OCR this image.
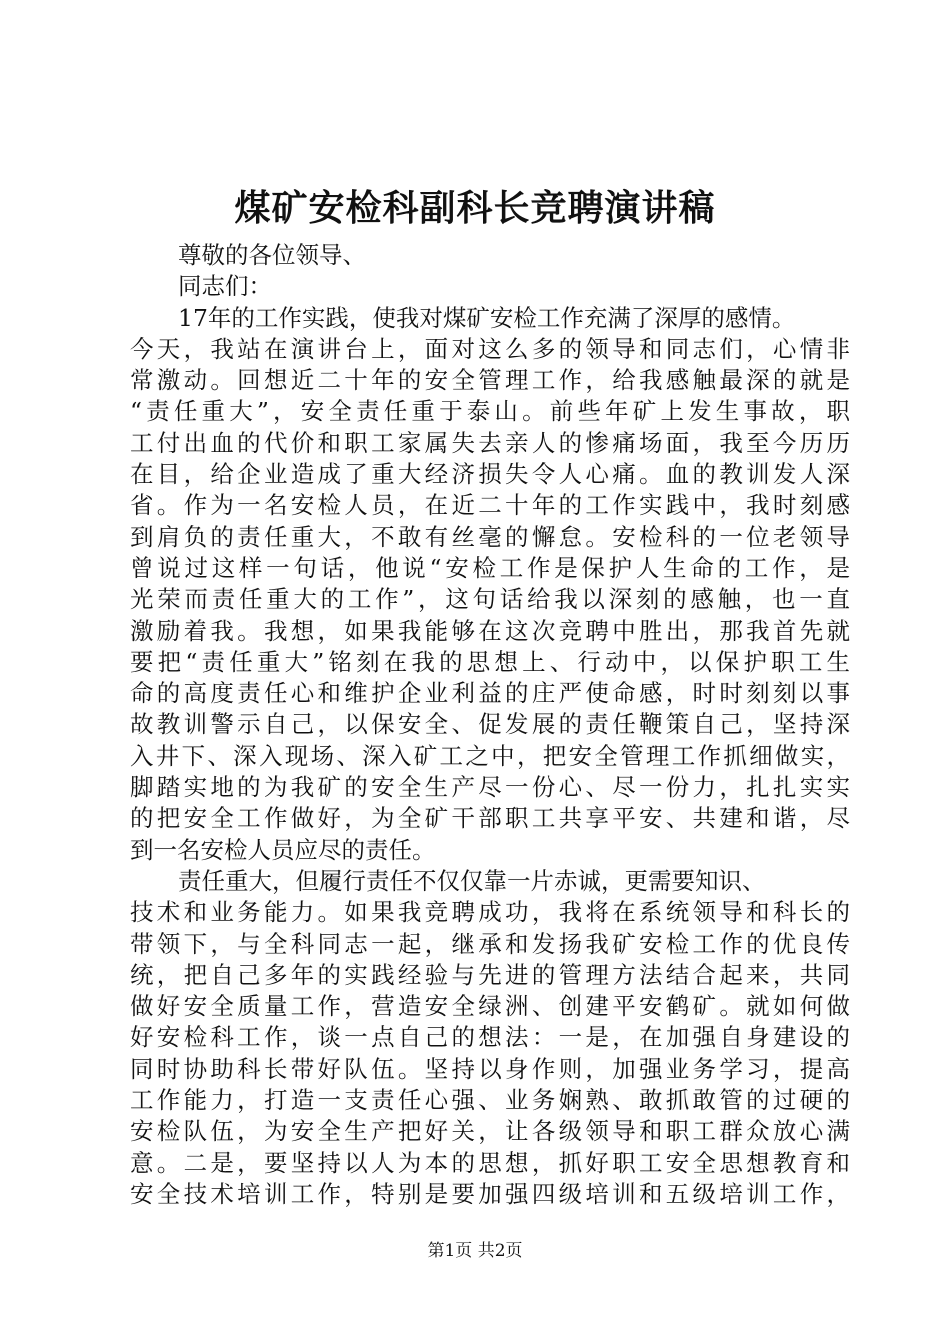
煤矿安检科副科长竞聘演讲稿
尊敬的各位领导、
同志们：
17年的工作实践，使我对煤矿安检工作充满了深厚的感情。
今天，我站在演讲台上，面对这么多的领导和同志们，心情非
常激动。回想近二十年的安全管理工作，给我感触最深的就是
“责任重大”，安全责任重于泰山。前些年矿上发生事故，职
工付出血的代价和职工家属失去亲人的惨痛场面，我至今历历
在目，给企业造成了重大经济损失令人心痛。血的教训发人深
省。作为一名安检人员，在近二十年的工作实践中，我时刻感
到肩负的责任重大，不敢有丝毫的懈怠。安检科的一位老领导
曾说过这样一句话，他说“安检工作是保护人生命的工作，是
光荣而责任重大的工作”，这句话给我以深刻的感触，也一直
激励着我。我想，如果我能够在这次竞聘中胜出，那我首先就
要把“责任重大”铭刻在我的思想上、行动中，以保护职工生
命的高度责任心和维护企业利益的庄严使命感，时时刻刻以事
故教训警示自己，以保安全、促发展的责任鞭策自己，坚持深
入井下、深入现场、深入矿工之中，把安全管理工作抓细做实，
脚踏实地的为我矿的安全生产尽一份心、尽一份力，扎扎实实
的把安全工作做好，为全矿干部职工共享平安、共建和谐，尽
到一名安检人员应尽的责任。
责任重大，但履行责任不仅仅靠一片赤诚，更需要知识、
技术和业务能力。如果我竞聘成功，我将在系统领导和科长的
带领下，与全科同志一起，继承和发扬我矿安检工作的优良传
统，把自己多年的实践经验与先进的管理方法结合起来，共同
做好安全质量工作，营造安全绿洲、创建平安鹤矿。就如何做
好安检科工作，谈一点自己的想法：一是，在加强自身建设的
同时协助科长带好队伍。坚持以身作则，加强业务学习，提高
工作能力，打造一支责任心强、业务娴熟、敢抓敢管的过硬的
安检队伍，为安全生产把好关，让各级领导和职工群众放心满
意。二是，要坚持以人为本的思想，抓好职工安全思想教育和
安全技术培训工作，特别是要加强四级培训和五级培训工作，
第1页 共2页
